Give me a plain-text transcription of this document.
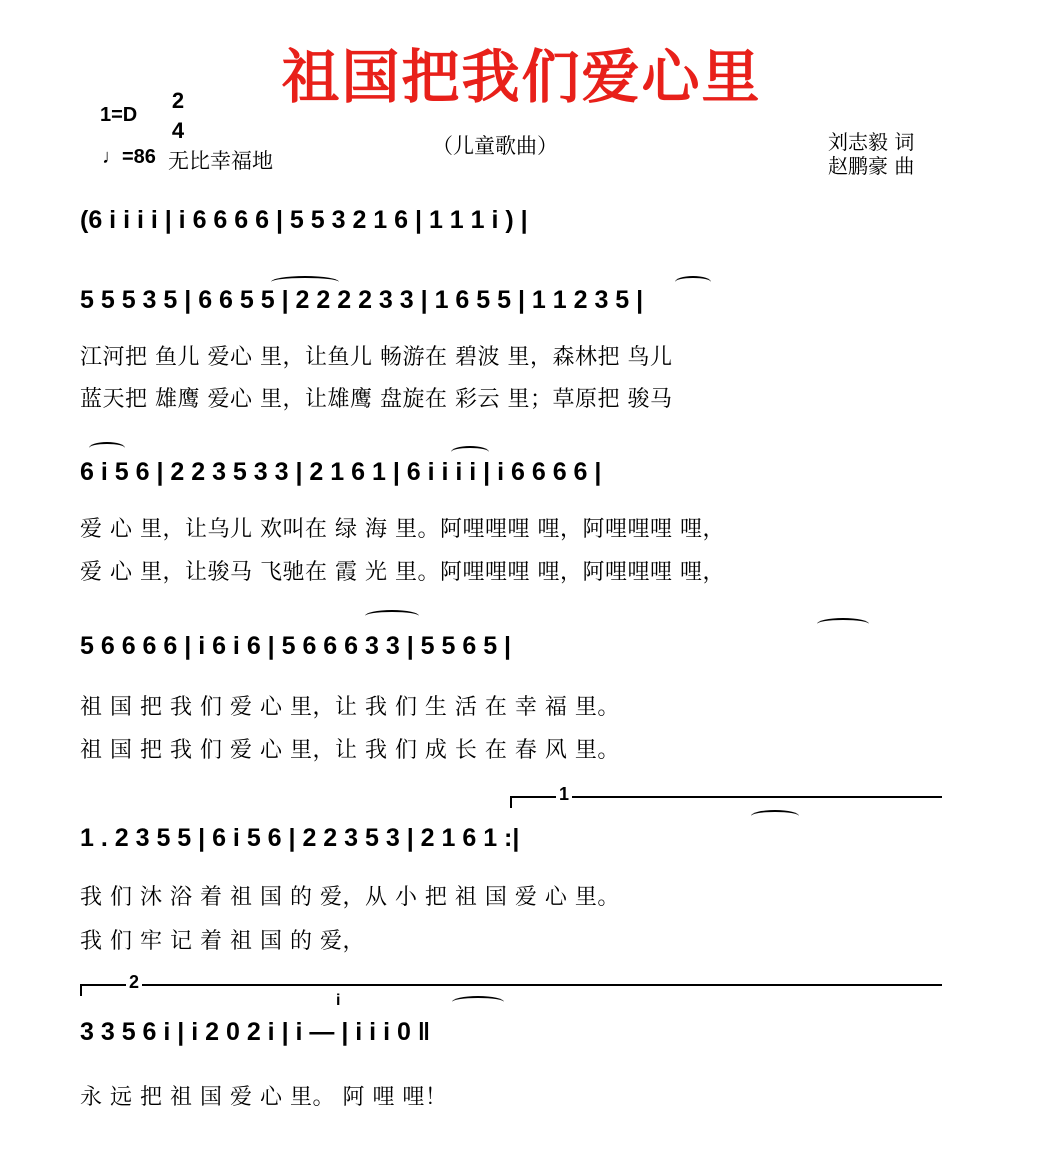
祖国把我们爱心里
1=D
2
4
♩=86 无比幸福地
（儿童歌曲）	刘志毅 词
赵鹏豪 曲
(6 i i i i | i 6 6 6 6 | 5 5 3 2 1 6 | 1 1 1 i ) |
5 5 5 3 5 | 6 6 5 5 | 2 2 2 2 3 3 | 1 6 5 5 | 1 1 2 3 5 |
江河把 鱼儿 爱心 里，让鱼儿 畅游在 碧波 里，森林把 鸟儿
蓝天把 雄鹰 爱心 里，让雄鹰 盘旋在 彩云 里；草原把 骏马
6 i 5 6 | 2 2 3 5 3 3 | 2 1 6 1 | 6 i i i i | i 6 6 6 6 |
爱 心 里，让乌儿 欢叫在 绿 海 里。阿哩哩哩 哩，阿哩哩哩 哩，
爱 心 里，让骏马 飞驰在 霞 光 里。阿哩哩哩 哩，阿哩哩哩 哩，
5 6 6 6 6 | i 6 i 6 | 5 6 6 6 3 3 | 5 5 6 5 |
祖 国 把 我 们 爱 心 里，让 我 们 生 活 在 幸 福 里。
祖 国 把 我 们 爱 心 里，让 我 们 成 长 在 春 风 里。
1
1 . 2 3 5 5 | 6 i 5 6 | 2 2 3 5 3 | 2 1 6 1 :|
我 们 沐 浴 着 祖 国 的 爱，从 小 把 祖 国 爱 心 里。
我 们 牢 记 着 祖 国 的 爱，
2
i
3 3 5 6 i | i 2 0 2 i | i — | i i i 0 ‖
永 远 把 祖 国 爱 心 里。 阿 哩 哩！
